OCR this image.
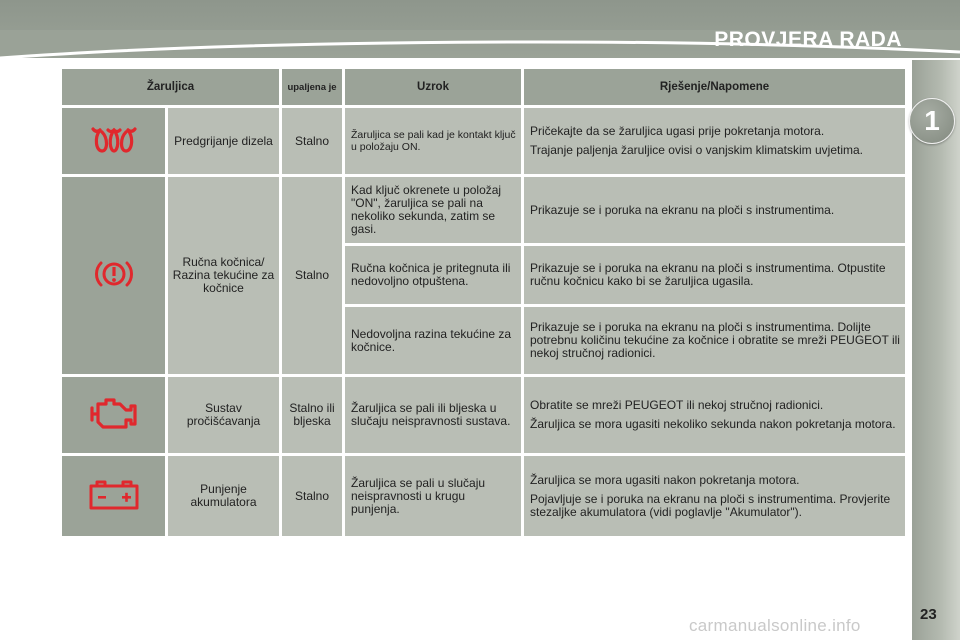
PROVJERA RADA
1
Žaruljica		upaljena je	Uzrok	Rješenje/Napomene
	Predgrijanje dizela	Stalno	Žaruljica se pali kad je kontakt ključ u položaju ON.	Pričekajte da se žaruljica ugasi prije pokretanja motora.

Trajanje paljenja žaruljice ovisi o vanjskim klimatskim uvjetima.

	Ručna kočnica/ Razina tekućine za kočnice	Stalno	Kad ključ okrenete u položaj "ON", žaruljica se pali na nekoliko sekunda, zatim se gasi.	Prikazuje se i poruka na ekranu na ploči s instrumentima.

			Ručna kočnica je pritegnuta ili nedovoljno otpuštena.	Prikazuje se i poruka na ekranu na ploči s instrumentima. Otpustite ručnu kočnicu kako bi se žaruljica ugasila.

			Nedovoljna razina tekućine za kočnice.	Prikazuje se i poruka na ekranu na ploči s instrumentima. Dolijte potrebnu količinu tekućine za kočnice i obratite se mreži PEUGEOT ili nekoj stručnoj radionici.

	Sustav pročišćavanja	Stalno ili bljeska	Žaruljica se pali ili bljeska u slučaju neispravnosti sustava.	Obratite se mreži PEUGEOT ili nekoj stručnoj radionici.

Žaruljica se mora ugasiti nekoliko sekunda nakon pokretanja motora.

	Punjenje akumulatora	Stalno	Žaruljica se pali u slučaju neispravnosti u krugu punjenja.	Žaruljica se mora ugasiti nakon pokretanja motora.

Pojavljuje se i poruka na ekranu na ploči s instrumentima. Provjerite stezaljke akumulatora (vidi poglavlje "Akumulator").

23
carmanualsonline.info
